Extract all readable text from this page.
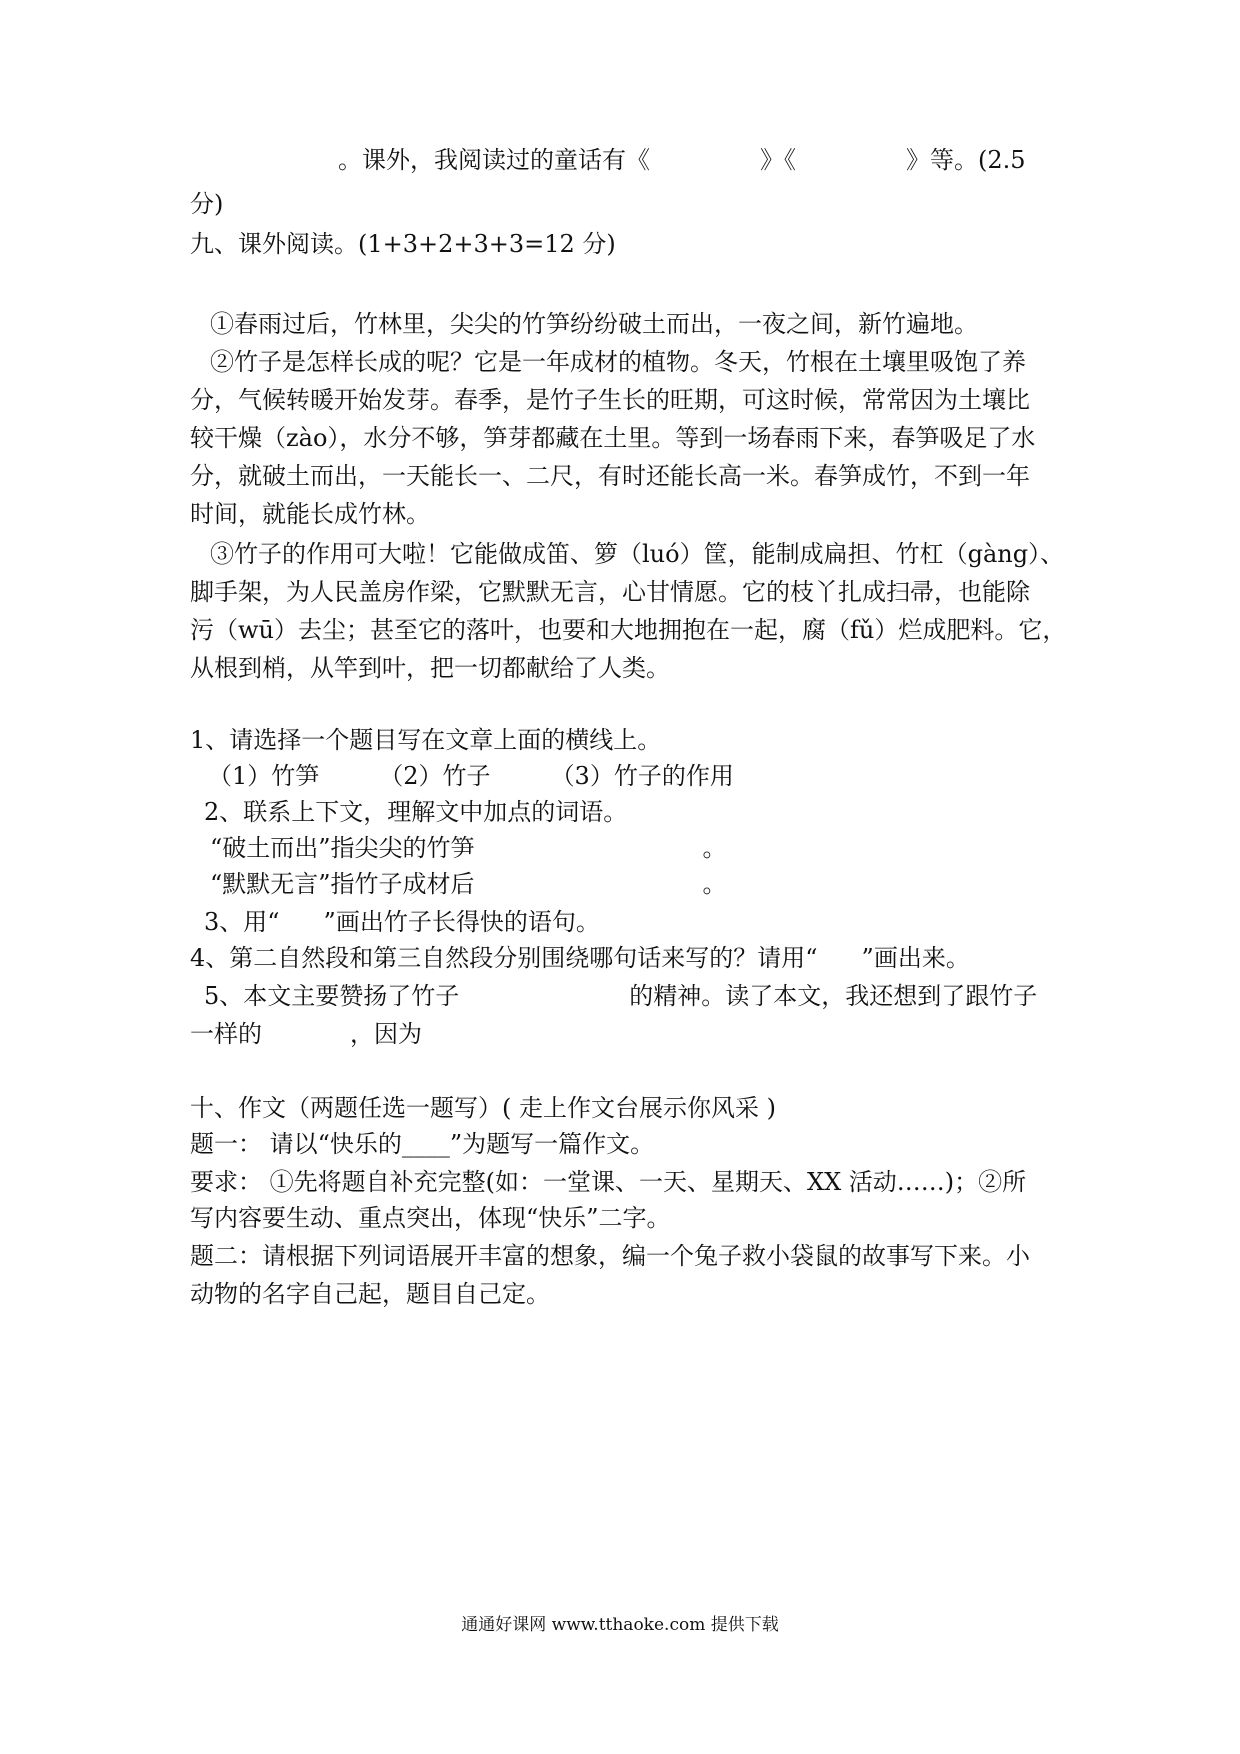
。课外，我阅读过的童话有《	》《	》等。(2.5
分)
九、课外阅读。(1+3+2+3+3=12 分)
①春雨过后，竹林里，尖尖的竹笋纷纷破土而出，一夜之间，新竹遍地。
②竹子是怎样长成的呢？它是一年成材的植物。冬天，竹根在土壤里吸饱了养
分，气候转暖开始发芽。春季，是竹子生长的旺期，可这时候，常常因为土壤比
较干燥（zào），水分不够，笋芽都藏在土里。等到一场春雨下来，春笋吸足了水
分，就破土而出，一天能长一、二尺，有时还能长高一米。春笋成竹，不到一年
时间，就能长成竹林。
③竹子的作用可大啦！它能做成笛、箩（luó）筐，能制成扁担、竹杠（gàng）、
脚手架，为人民盖房作梁，它默默无言，心甘情愿。它的枝丫扎成扫帚，也能除
污（wū）去尘；甚至它的落叶，也要和大地拥抱在一起，腐（fǔ）烂成肥料。它，
从根到梢，从竿到叶，把一切都献给了人类。
1、请选择一个题目写在文章上面的横线上。
（1）竹笋	（2）竹子	（3）竹子的作用
2、联系上下文，理解文中加点的词语。
“破土而出”指尖尖的竹笋	。
“默默无言”指竹子成材后	。
3、用“ ”画出竹子长得快的语句。
4、第二自然段和第三自然段分别围绕哪句话来写的？请用“ ”画出来。
5、本文主要赞扬了竹子	的精神。读了本文，我还想到了跟竹子
一样的	，因为
十、作文（两题任选一题写）( 走上作文台展示你风采 )
题一： 请以“快乐的____”为题写一篇作文。
要求： ①先将题自补充完整(如：一堂课、一天、星期天、XX 活动……)；②所
写内容要生动、重点突出，体现“快乐”二字。
题二：请根据下列词语展开丰富的想象，编一个兔子救小袋鼠的故事写下来。小
动物的名字自己起，题目自己定。
通通好课网 www.tthaoke.com 提供下载
